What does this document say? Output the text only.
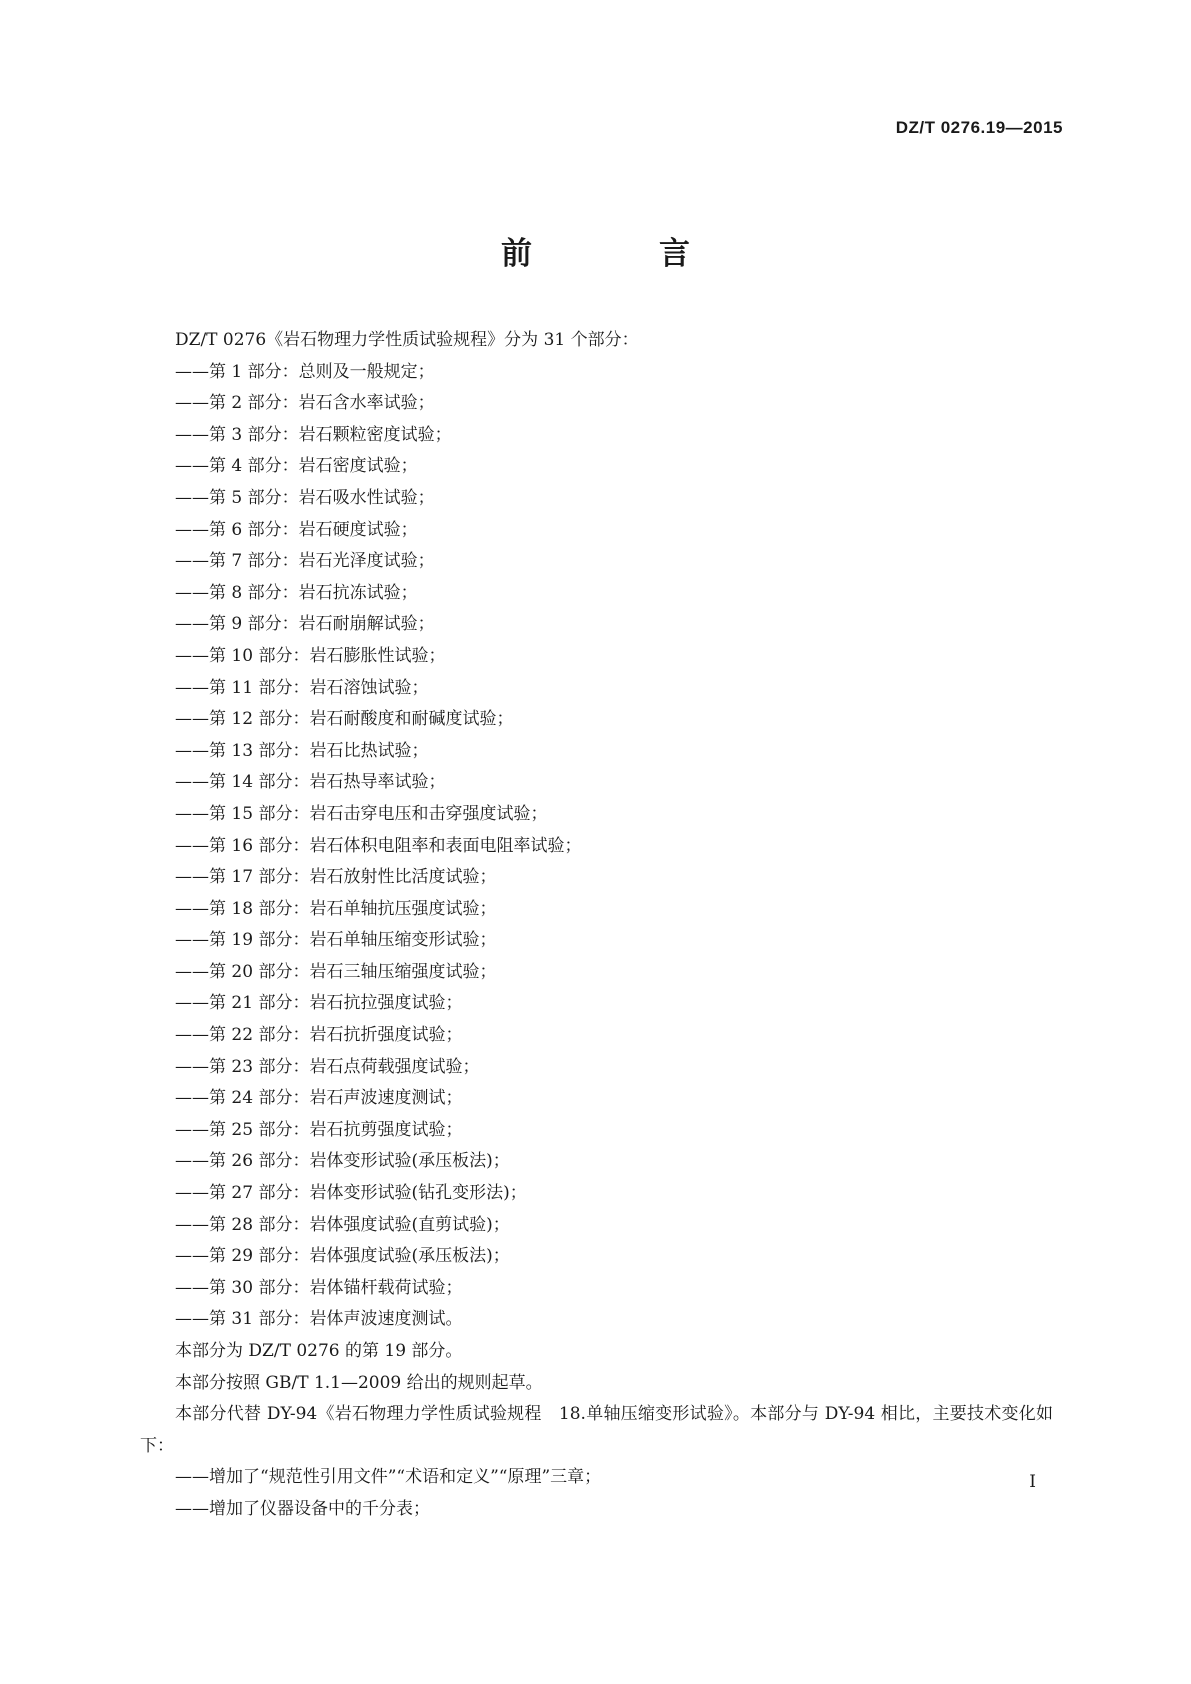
DZ/T 0276.19—2015
前　言
DZ/T 0276《岩石物理力学性质试验规程》分为 31 个部分：
——第 1 部分：总则及一般规定；
——第 2 部分：岩石含水率试验；
——第 3 部分：岩石颗粒密度试验；
——第 4 部分：岩石密度试验；
——第 5 部分：岩石吸水性试验；
——第 6 部分：岩石硬度试验；
——第 7 部分：岩石光泽度试验；
——第 8 部分：岩石抗冻试验；
——第 9 部分：岩石耐崩解试验；
——第 10 部分：岩石膨胀性试验；
——第 11 部分：岩石溶蚀试验；
——第 12 部分：岩石耐酸度和耐碱度试验；
——第 13 部分：岩石比热试验；
——第 14 部分：岩石热导率试验；
——第 15 部分：岩石击穿电压和击穿强度试验；
——第 16 部分：岩石体积电阻率和表面电阻率试验；
——第 17 部分：岩石放射性比活度试验；
——第 18 部分：岩石单轴抗压强度试验；
——第 19 部分：岩石单轴压缩变形试验；
——第 20 部分：岩石三轴压缩强度试验；
——第 21 部分：岩石抗拉强度试验；
——第 22 部分：岩石抗折强度试验；
——第 23 部分：岩石点荷载强度试验；
——第 24 部分：岩石声波速度测试；
——第 25 部分：岩石抗剪强度试验；
——第 26 部分：岩体变形试验(承压板法)；
——第 27 部分：岩体变形试验(钻孔变形法)；
——第 28 部分：岩体强度试验(直剪试验)；
——第 29 部分：岩体强度试验(承压板法)；
——第 30 部分：岩体锚杆载荷试验；
——第 31 部分：岩体声波速度测试。
本部分为 DZ/T 0276 的第 19 部分。
本部分按照 GB/T 1.1—2009 给出的规则起草。
本部分代替 DY-94《岩石物理力学性质试验规程　18.单轴压缩变形试验》。本部分与 DY-94 相比，主要技术变化如下：
——增加了“规范性引用文件”“术语和定义”“原理”三章；
——增加了仪器设备中的千分表；
I
